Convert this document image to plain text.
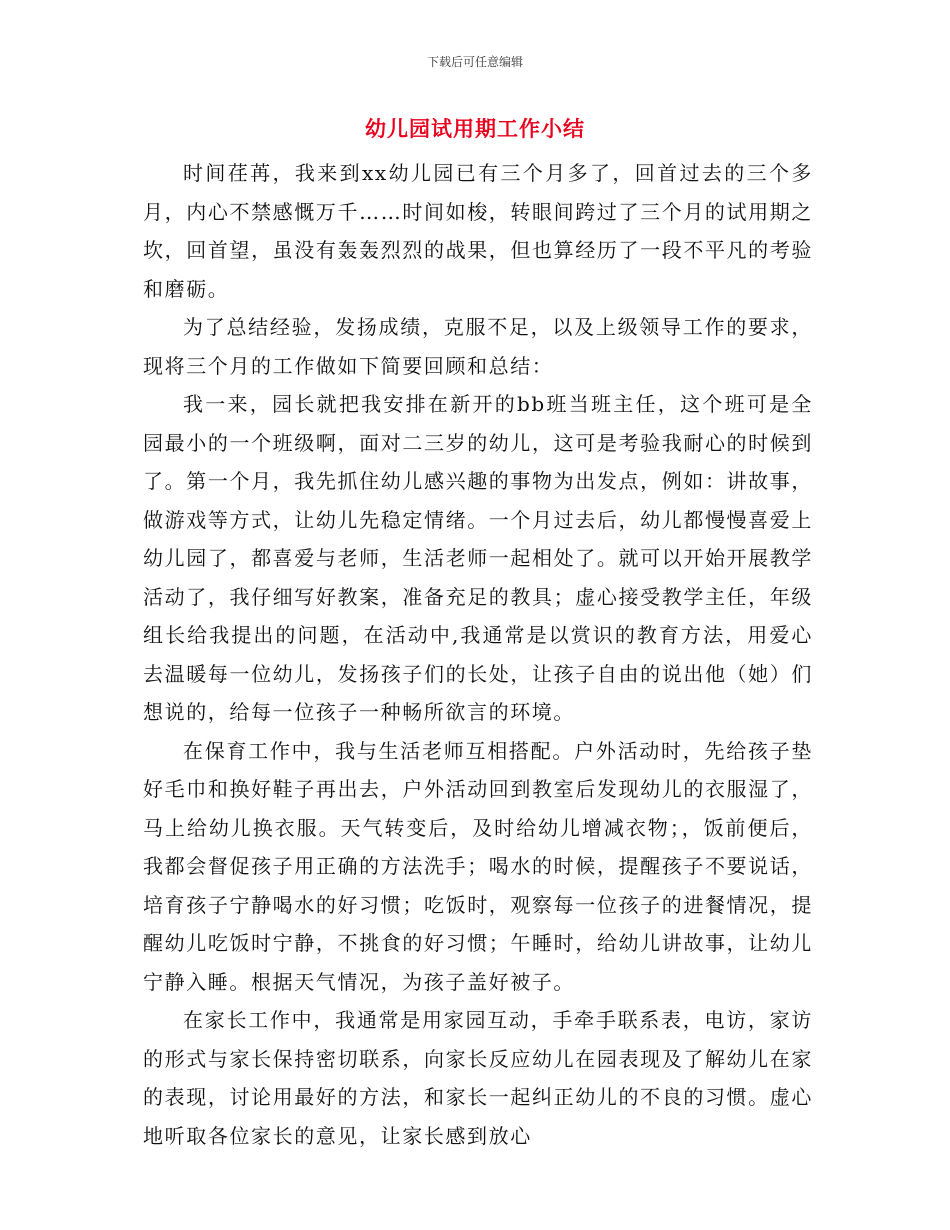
下载后可任意编辑
幼儿园试用期工作小结

时间荏苒，我来到xx幼儿园已有三个月多了，回首过去的三个多月，内心不禁感慨万千……时间如梭，转眼间跨过了三个月的试用期之坎，回首望，虽没有轰轰烈烈的战果，但也算经历了一段不平凡的考验和磨砺。

为了总结经验，发扬成绩，克服不足，以及上级领导工作的要求，现将三个月的工作做如下简要回顾和总结：

我一来，园长就把我安排在新开的bb班当班主任，这个班可是全园最小的一个班级啊，面对二三岁的幼儿，这可是考验我耐心的时候到了。第一个月，我先抓住幼儿感兴趣的事物为出发点，例如：讲故事，做游戏等方式，让幼儿先稳定情绪。一个月过去后，幼儿都慢慢喜爱上幼儿园了，都喜爱与老师，生活老师一起相处了。就可以开始开展教学活动了，我仔细写好教案，准备充足的教具；虚心接受教学主任，年级组长给我提出的问题，在活动中,我通常是以赏识的教育方法，用爱心去温暖每一位幼儿，发扬孩子们的长处，让孩子自由的说出他（她）们想说的，给每一位孩子一种畅所欲言的环境。

在保育工作中，我与生活老师互相搭配。户外活动时，先给孩子垫好毛巾和换好鞋子再出去，户外活动回到教室后发现幼儿的衣服湿了，马上给幼儿换衣服。天气转变后，及时给幼儿增减衣物；，饭前便后，我都会督促孩子用正确的方法洗手；喝水的时候，提醒孩子不要说话，培育孩子宁静喝水的好习惯；吃饭时，观察每一位孩子的进餐情况，提醒幼儿吃饭时宁静，不挑食的好习惯；午睡时，给幼儿讲故事，让幼儿宁静入睡。根据天气情况，为孩子盖好被子。

在家长工作中，我通常是用家园互动，手牵手联系表，电访，家访的形式与家长保持密切联系，向家长反应幼儿在园表现及了解幼儿在家的表现，讨论用最好的方法，和家长一起纠正幼儿的不良的习惯。虚心地听取各位家长的意见，让家长感到放心
